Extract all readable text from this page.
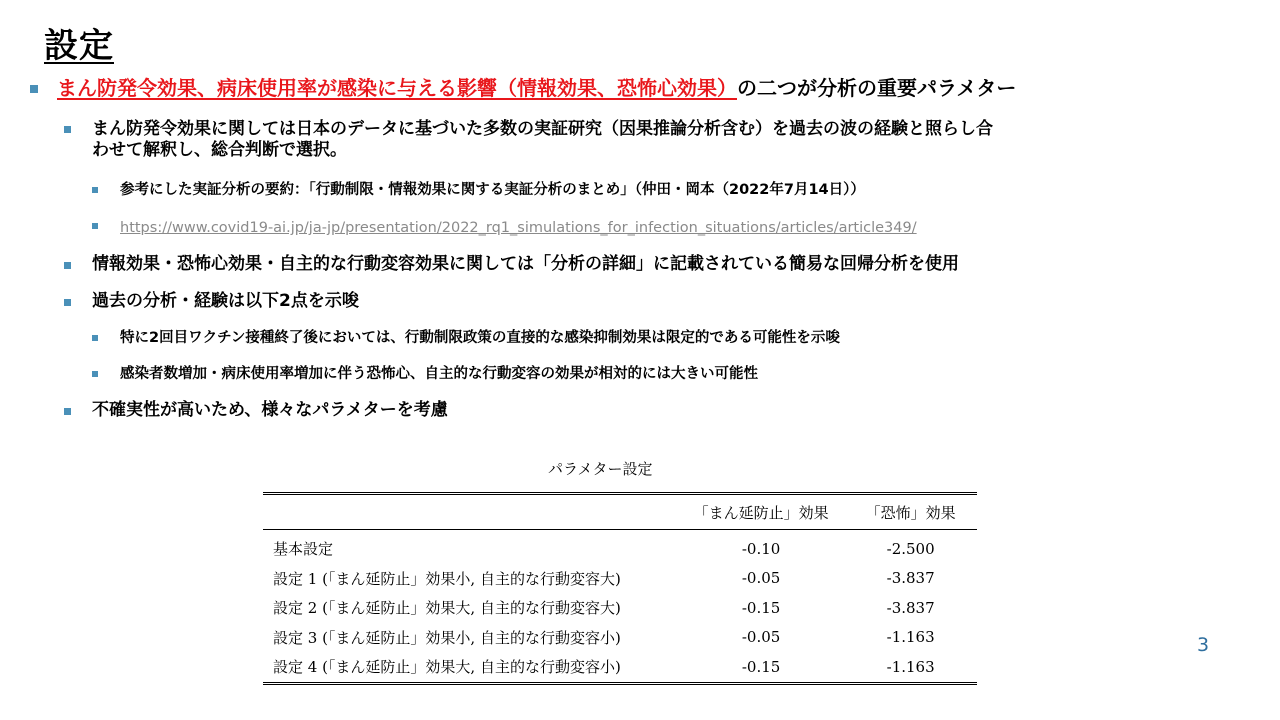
設定
まん防発令効果、病床使用率が感染に与える影響（情報効果、恐怖心効果）の二つが分析の重要パラメター
まん防発令効果に関しては日本のデータに基づいた多数の実証研究（因果推論分析含む）を過去の波の経験と照らし合
わせて解釈し、総合判断で選択。
参考にした実証分析の要約：「行動制限・情報効果に関する実証分析のまとめ」（仲田・岡本（2022年7月14日））
https://www.covid19-ai.jp/ja-jp/presentation/2022_rq1_simulations_for_infection_situations/articles/article349/
情報効果・恐怖心効果・自主的な行動変容効果に関しては「分析の詳細」に記載されている簡易な回帰分析を使用
過去の分析・経験は以下2点を示唆
特に2回目ワクチン接種終了後においては、行動制限政策の直接的な感染抑制効果は限定的である可能性を示唆
感染者数増加・病床使用率増加に伴う恐怖心、自主的な行動変容の効果が相対的には大きい可能性
不確実性が高いため、様々なパラメターを考慮
パラメター設定
	「まん延防止」効果	「恐怖」効果
基本設定	-0.10	-2.500
設定 1 (「まん延防止」効果小, 自主的な行動変容大)	-0.05	-3.837
設定 2 (「まん延防止」効果大, 自主的な行動変容大)	-0.15	-3.837
設定 3 (「まん延防止」効果小, 自主的な行動変容小)	-0.05	-1.163
設定 4 (「まん延防止」効果大, 自主的な行動変容小)	-0.15	-1.163
3
